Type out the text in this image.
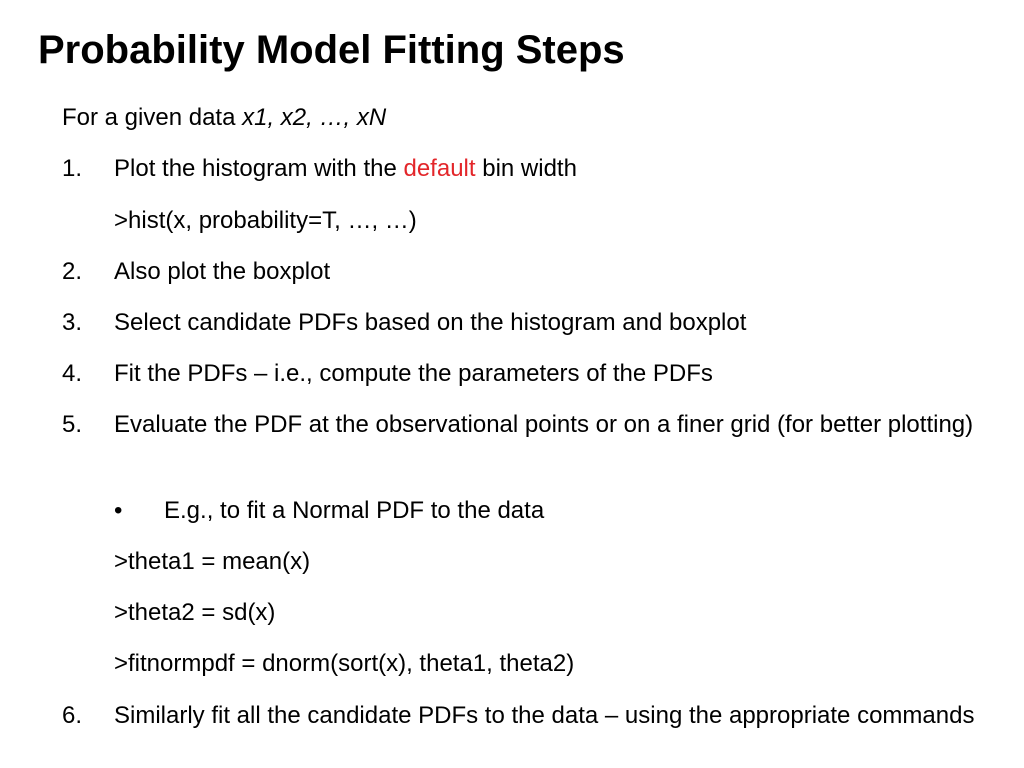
Probability Model Fitting Steps
For a given data x1, x2, …, xN
1. Plot the histogram with the default bin width
>hist(x, probability=T, …, …)
2. Also plot the boxplot
3. Select candidate PDFs based on the histogram and boxplot
4. Fit the PDFs – i.e., compute the parameters of the PDFs
5. Evaluate the PDF at the observational points or on a finer grid (for better plotting)
• E.g., to fit a Normal PDF to the data
>theta1 = mean(x)
>theta2 = sd(x)
>fitnormpdf = dnorm(sort(x), theta1, theta2)
6. Similarly fit all the candidate PDFs to the data – using the appropriate commands
